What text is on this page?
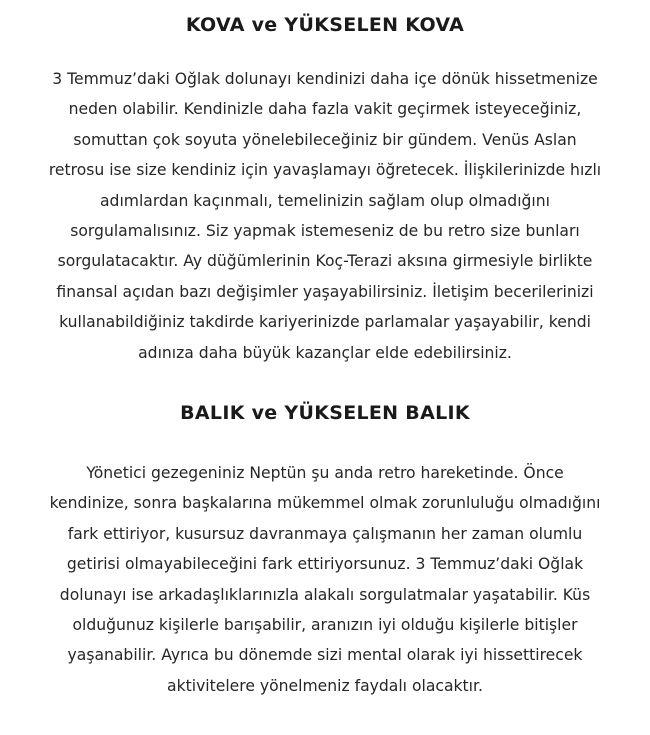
KOVA ve YÜKSELEN KOVA

3 Temmuz’daki Oğlak dolunayı kendinizi daha içe dönük hissetmenize
neden olabilir. Kendinizle daha fazla vakit geçirmek isteyeceğiniz,
somuttan çok soyuta yönelebileceğiniz bir gündem. Venüs Aslan
retrosu ise size kendiniz için yavaşlamayı öğretecek. İlişkilerinizde hızlı
adımlardan kaçınmalı, temelinizin sağlam olup olmadığını
sorgulamalısınız. Siz yapmak istemeseniz de bu retro size bunları
sorgulatacaktır. Ay düğümlerinin Koç-Terazi aksına girmesiyle birlikte
finansal açıdan bazı değişimler yaşayabilirsiniz. İletişim becerilerinizi
kullanabildiğiniz takdirde kariyerinizde parlamalar yaşayabilir, kendi
adınıza daha büyük kazançlar elde edebilirsiniz.

BALIK ve YÜKSELEN BALIK

Yönetici gezegeniniz Neptün şu anda retro hareketinde. Önce
kendinize, sonra başkalarına mükemmel olmak zorunluluğu olmadığını
fark ettiriyor, kusursuz davranmaya çalışmanın her zaman olumlu
getirisi olmayabileceğini fark ettiriyorsunuz. 3 Temmuz’daki Oğlak
dolunayı ise arkadaşlıklarınızla alakalı sorgulatmalar yaşatabilir. Küs
olduğunuz kişilerle barışabilir, aranızın iyi olduğu kişilerle bitişler
yaşanabilir. Ayrıca bu dönemde sizi mental olarak iyi hissettirecek
aktivitelere yönelmeniz faydalı olacaktır.
